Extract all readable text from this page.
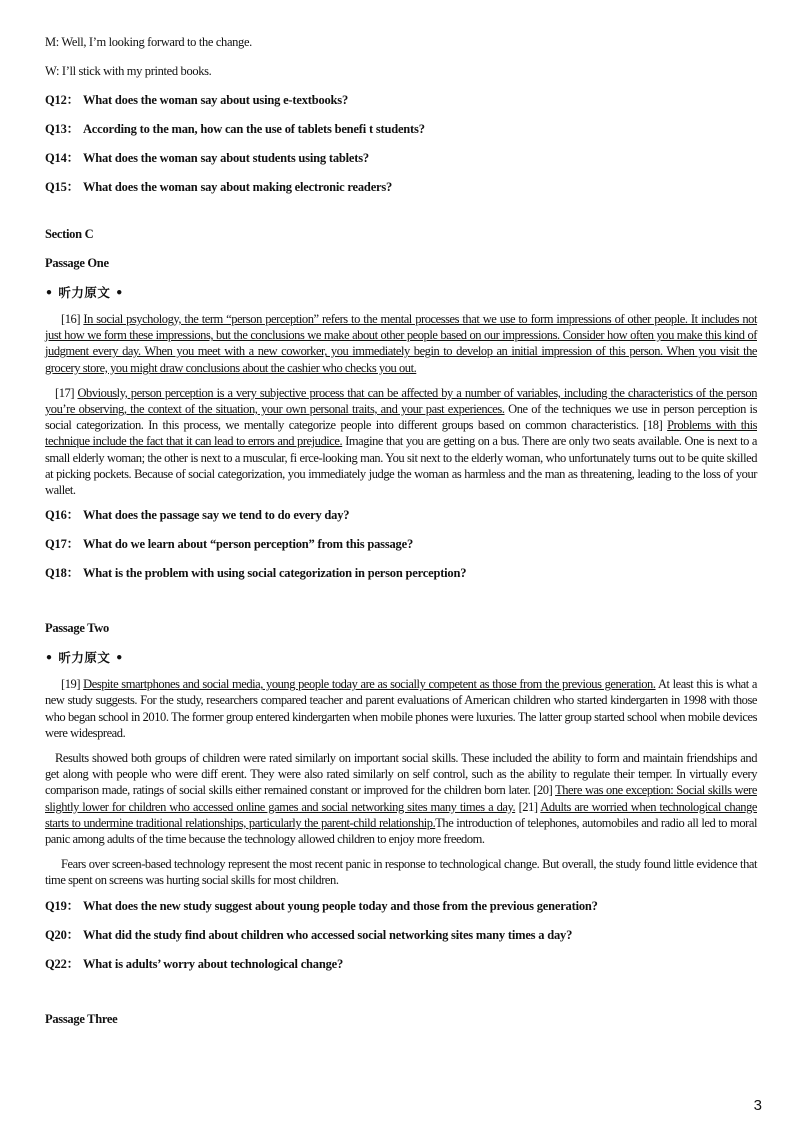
M: Well, I’m looking forward to the change.

W: I’ll stick with my printed books.

Q12： What does the woman say about using e-textbooks?

Q13： According to the man, how can the use of tablets benefi t students?

Q14： What does the woman say about students using tablets?

Q15： What does the woman say about making electronic readers?

Section C

Passage One

• 听力原文 •

[16] In social psychology, the term “person perception” refers to the mental processes that we use to form impressions of other people. It includes not just how we form these impressions, but the conclusions we make about other people based on our impressions. Consider how often you make this kind of judgment every day. When you meet with a new coworker, you immediately begin to develop an initial impression of this person. When you visit the grocery store, you might draw conclusions about the cashier who checks you out.

[17] Obviously, person perception is a very subjective process that can be affected by a number of variables, including the characteristics of the person you’re observing, the context of the situation, your own personal traits, and your past experiences. One of the techniques we use in person perception is social categorization. In this process, we mentally categorize people into different groups based on common characteristics. [18] Problems with this technique include the fact that it can lead to errors and prejudice. Imagine that you are getting on a bus. There are only two seats available. One is next to a small elderly woman; the other is next to a muscular, fi erce-looking man. You sit next to the elderly woman, who unfortunately turns out to be quite skilled at picking pockets. Because of social categorization, you immediately judge the woman as harmless and the man as threatening, leading to the loss of your wallet.

Q16： What does the passage say we tend to do every day?

Q17： What do we learn about “person perception” from this passage?

Q18： What is the problem with using social categorization in person perception?

Passage Two

• 听力原文 •

[19] Despite smartphones and social media, young people today are as socially competent as those from the previous generation. At least this is what a new study suggests. For the study, researchers compared teacher and parent evaluations of American children who started kindergarten in 1998 with those who began school in 2010. The former group entered kindergarten when mobile phones were luxuries. The latter group started school when mobile devices were widespread.

Results showed both groups of children were rated similarly on important social skills. These included the ability to form and maintain friendships and get along with people who were diff erent. They were also rated similarly on self control, such as the ability to regulate their temper. In virtually every comparison made, ratings of social skills either remained constant or improved for the children born later. [20] There was one exception: Social skills were slightly lower for children who accessed online games and social networking sites many times a day. [21] Adults are worried when technological change starts to undermine traditional relationships, particularly the parent-child relationship.The introduction of telephones, automobiles and radio all led to moral panic among adults of the time because the technology allowed children to enjoy more freedom.

Fears over screen-based technology represent the most recent panic in response to technological change. But overall, the study found little evidence that time spent on screens was hurting social skills for most children.

Q19： What does the new study suggest about young people today and those from the previous generation?

Q20： What did the study find about children who accessed social networking sites many times a day?

Q22： What is adults’ worry about technological change?

Passage Three

3
